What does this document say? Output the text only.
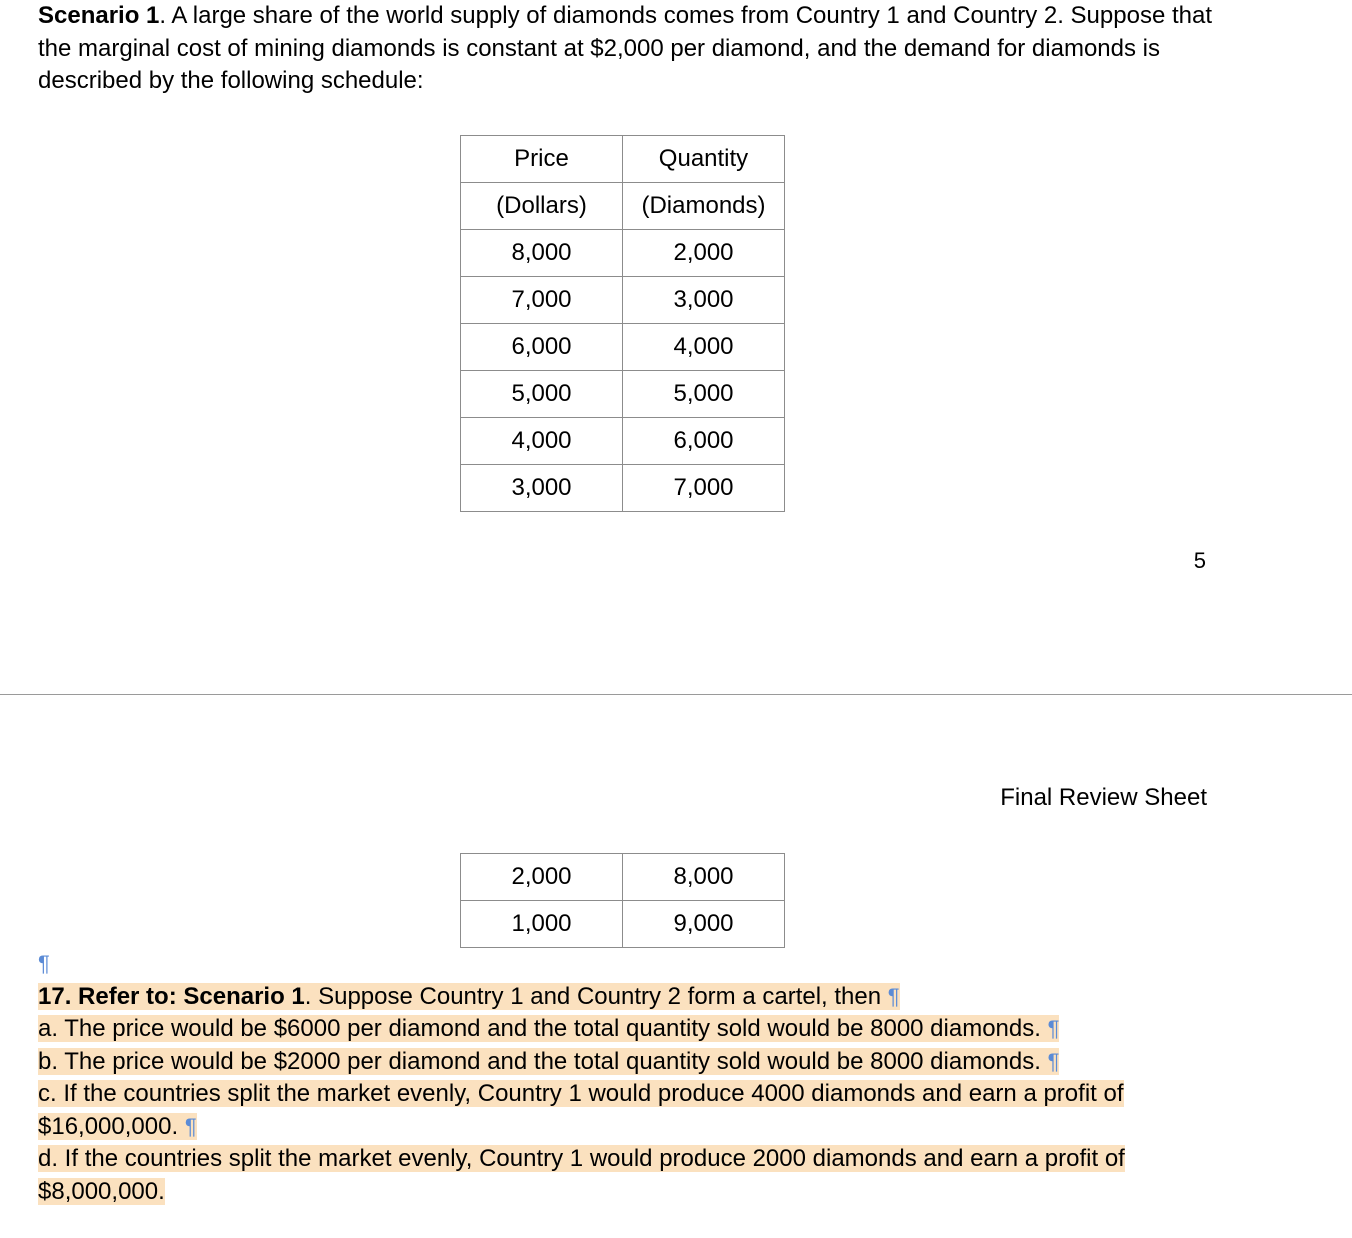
Scenario 1. A large share of the world supply of diamonds comes from Country 1 and Country 2. Suppose that the marginal cost of mining diamonds is constant at $2,000 per diamond, and the demand for diamonds is described by the following schedule:
Price	Quantity
(Dollars)	(Diamonds)
8,000	2,000
7,000	3,000
6,000	4,000
5,000	5,000
4,000	6,000
3,000	7,000
5
Final Review Sheet
2,000	8,000
1,000	9,000
¶
17. Refer to: Scenario 1. Suppose Country 1 and Country 2 form a cartel, then ¶
a. The price would be $6000 per diamond and the total quantity sold would be 8000 diamonds. ¶
b. The price would be $2000 per diamond and the total quantity sold would be 8000 diamonds. ¶
c. If the countries split the market evenly, Country 1 would produce 4000 diamonds and earn a profit of $16,000,000. ¶
d. If the countries split the market evenly, Country 1 would produce 2000 diamonds and earn a profit of $8,000,000.
